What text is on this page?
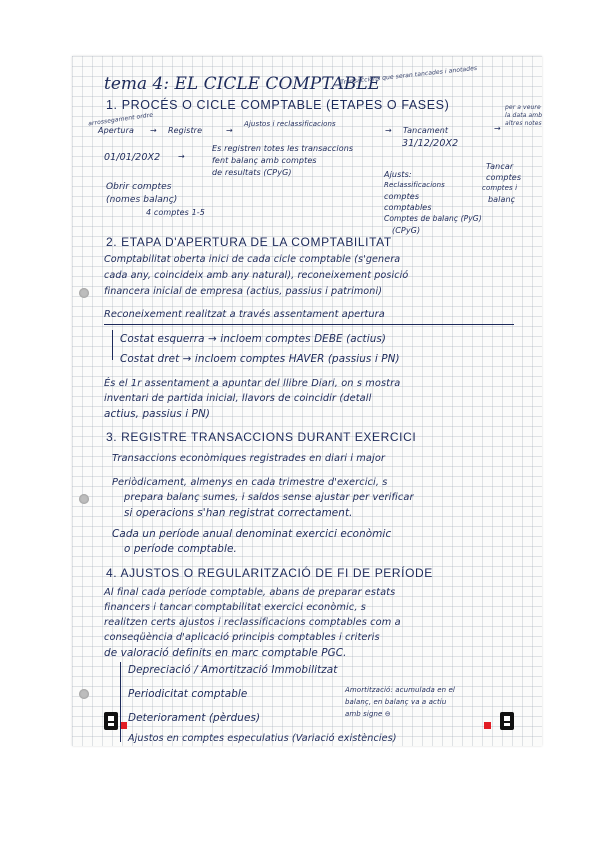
tema 4: EL CICLE COMPTABLE
Transaccions que seran tancades i anotades
per a veure
la data amb
altres notes
1. PROCÉS O CICLE COMPTABLE (ETAPES O FASES)
arrossegament ordre
Apertura → Registre	→
Ajustos i reclassificacions
→ Tancament	→
01/01/20X2 →
Es registren totes les transaccions
fent balanç amb comptes
de resultats (CPyG)
31/12/20X2
Obrir comptes
(nomes balanç)
4 comptes 1-5
Ajusts:
Reclassificacions
comptes
comptables
Comptes de balanç (PyG)
(CPyG)
Tancar
comptes
comptes i
balanç
2. ETAPA D'APERTURA DE LA COMPTABILITAT
Comptabilitat oberta inici de cada cicle comptable (s'genera
cada any, coincideix amb any natural), reconeixement posició
financera inicial de empresa (actius, passius i patrimoni)
Reconeixement realitzat a través assentament apertura
Costat esquerra → incloem comptes DEBE (actius)
Costat dret → incloem comptes HAVER (passius i PN)
És el 1r assentament a apuntar del llibre Diari, on s mostra
inventari de partida inicial, llavors de coincidir (detall
actius, passius i PN)
3. REGISTRE TRANSACCIONS DURANT EXERCICI
Transaccions econòmiques registrades en diari i major
Periòdicament, almenys en cada trimestre d'exercici, s
prepara balanç sumes, i saldos sense ajustar per verificar
si operacions s'han registrat correctament.
Cada un període anual denominat exercici econòmic
o període comptable.
4. AJUSTOS O REGULARITZACIÓ DE FI DE PERÍODE
Al final cada període comptable, abans de preparar estats
financers i tancar comptabilitat exercici econòmic, s
realitzen certs ajustos i reclassificacions comptables com a
conseqüència d'aplicació principis comptables i criteris
de valoració definits en marc comptable PGC.
Depreciació / Amortització Immobilitzat
Periodicitat comptable
Deteriorament (pèrdues)
Ajustos en comptes especulatius (Variació existències)
Amortització: acumulada en el
balanç, en balanç va a actiu
amb signe ⊖
